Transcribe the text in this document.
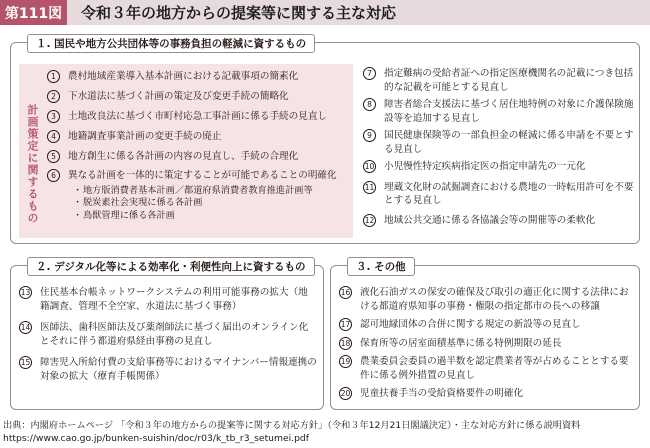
第111図	令和３年の地方からの提案等に関する主な対応
１. 国民や地方公共団体等の事務負担の軽減に資するもの
計画策定に関するもの
1	農村地域産業導入基本計画における記載事項の簡素化
2	下水道法に基づく計画の策定及び変更手続の簡略化
3	土地改良法に基づく市町村応急工事計画に係る手続の見直し
4	地籍調査事業計画の変更手続の廃止
5	地方創生に係る各計画の内容の見直し、手続の合理化
6	異なる計画を一体的に策定することが可能であることの明確化
・ 地方版消費者基本計画／都道府県消費者教育推進計画等
・ 脱炭素社会実現に係る各計画
・ 鳥獣管理に係る各計画
7	指定難病の受給者証への指定医療機関名の記載につき包括的な記載を可能とする見直し
8	障害者総合支援法に基づく居住地特例の対象に介護保険施設等を追加する見直し
9	国民健康保険等の一部負担金の軽減に係る申請を不要とする見直し
10 小児慢性特定疾病指定医の指定申請先の一元化
11 埋蔵文化財の試掘調査における農地の一時転用許可を不要とする見直し
12 地域公共交通に係る各協議会等の開催等の柔軟化
２. デジタル化等による効率化・利便性向上に資するもの
13 住民基本台帳ネットワークシステムの利用可能事務の拡大（地籍調査、管理不全空家、水道法に基づく事務）
14 医師法、歯科医師法及び薬剤師法に基づく届出のオンライン化とそれに伴う都道府県経由事務の見直し
15 障害児入所給付費の支給事務等におけるマイナンバー情報連携の対象の拡大（療育手帳関係）
３. その他
16 液化石油ガスの保安の確保及び取引の適正化に関する法律における都道府県知事の事務・権限の指定都市の長への移譲
17 認可地縁団体の合併に関する規定の新設等の見直し
18 保育所等の居室面積基準に係る特例期限の延長
19 農業委員会委員の過半数を認定農業者等が占めることとする要件に係る例外措置の見直し
20 児童扶養手当の受給資格要件の明確化
出典：内閣府ホームページ 「令和３年の地方からの提案等に関する対応方針」（令和３年12月21日閣議決定）・主な対応方針に係る説明資料
https://www.cao.go.jp/bunken-suishin/doc/r03/k_tb_r3_setumei.pdf
